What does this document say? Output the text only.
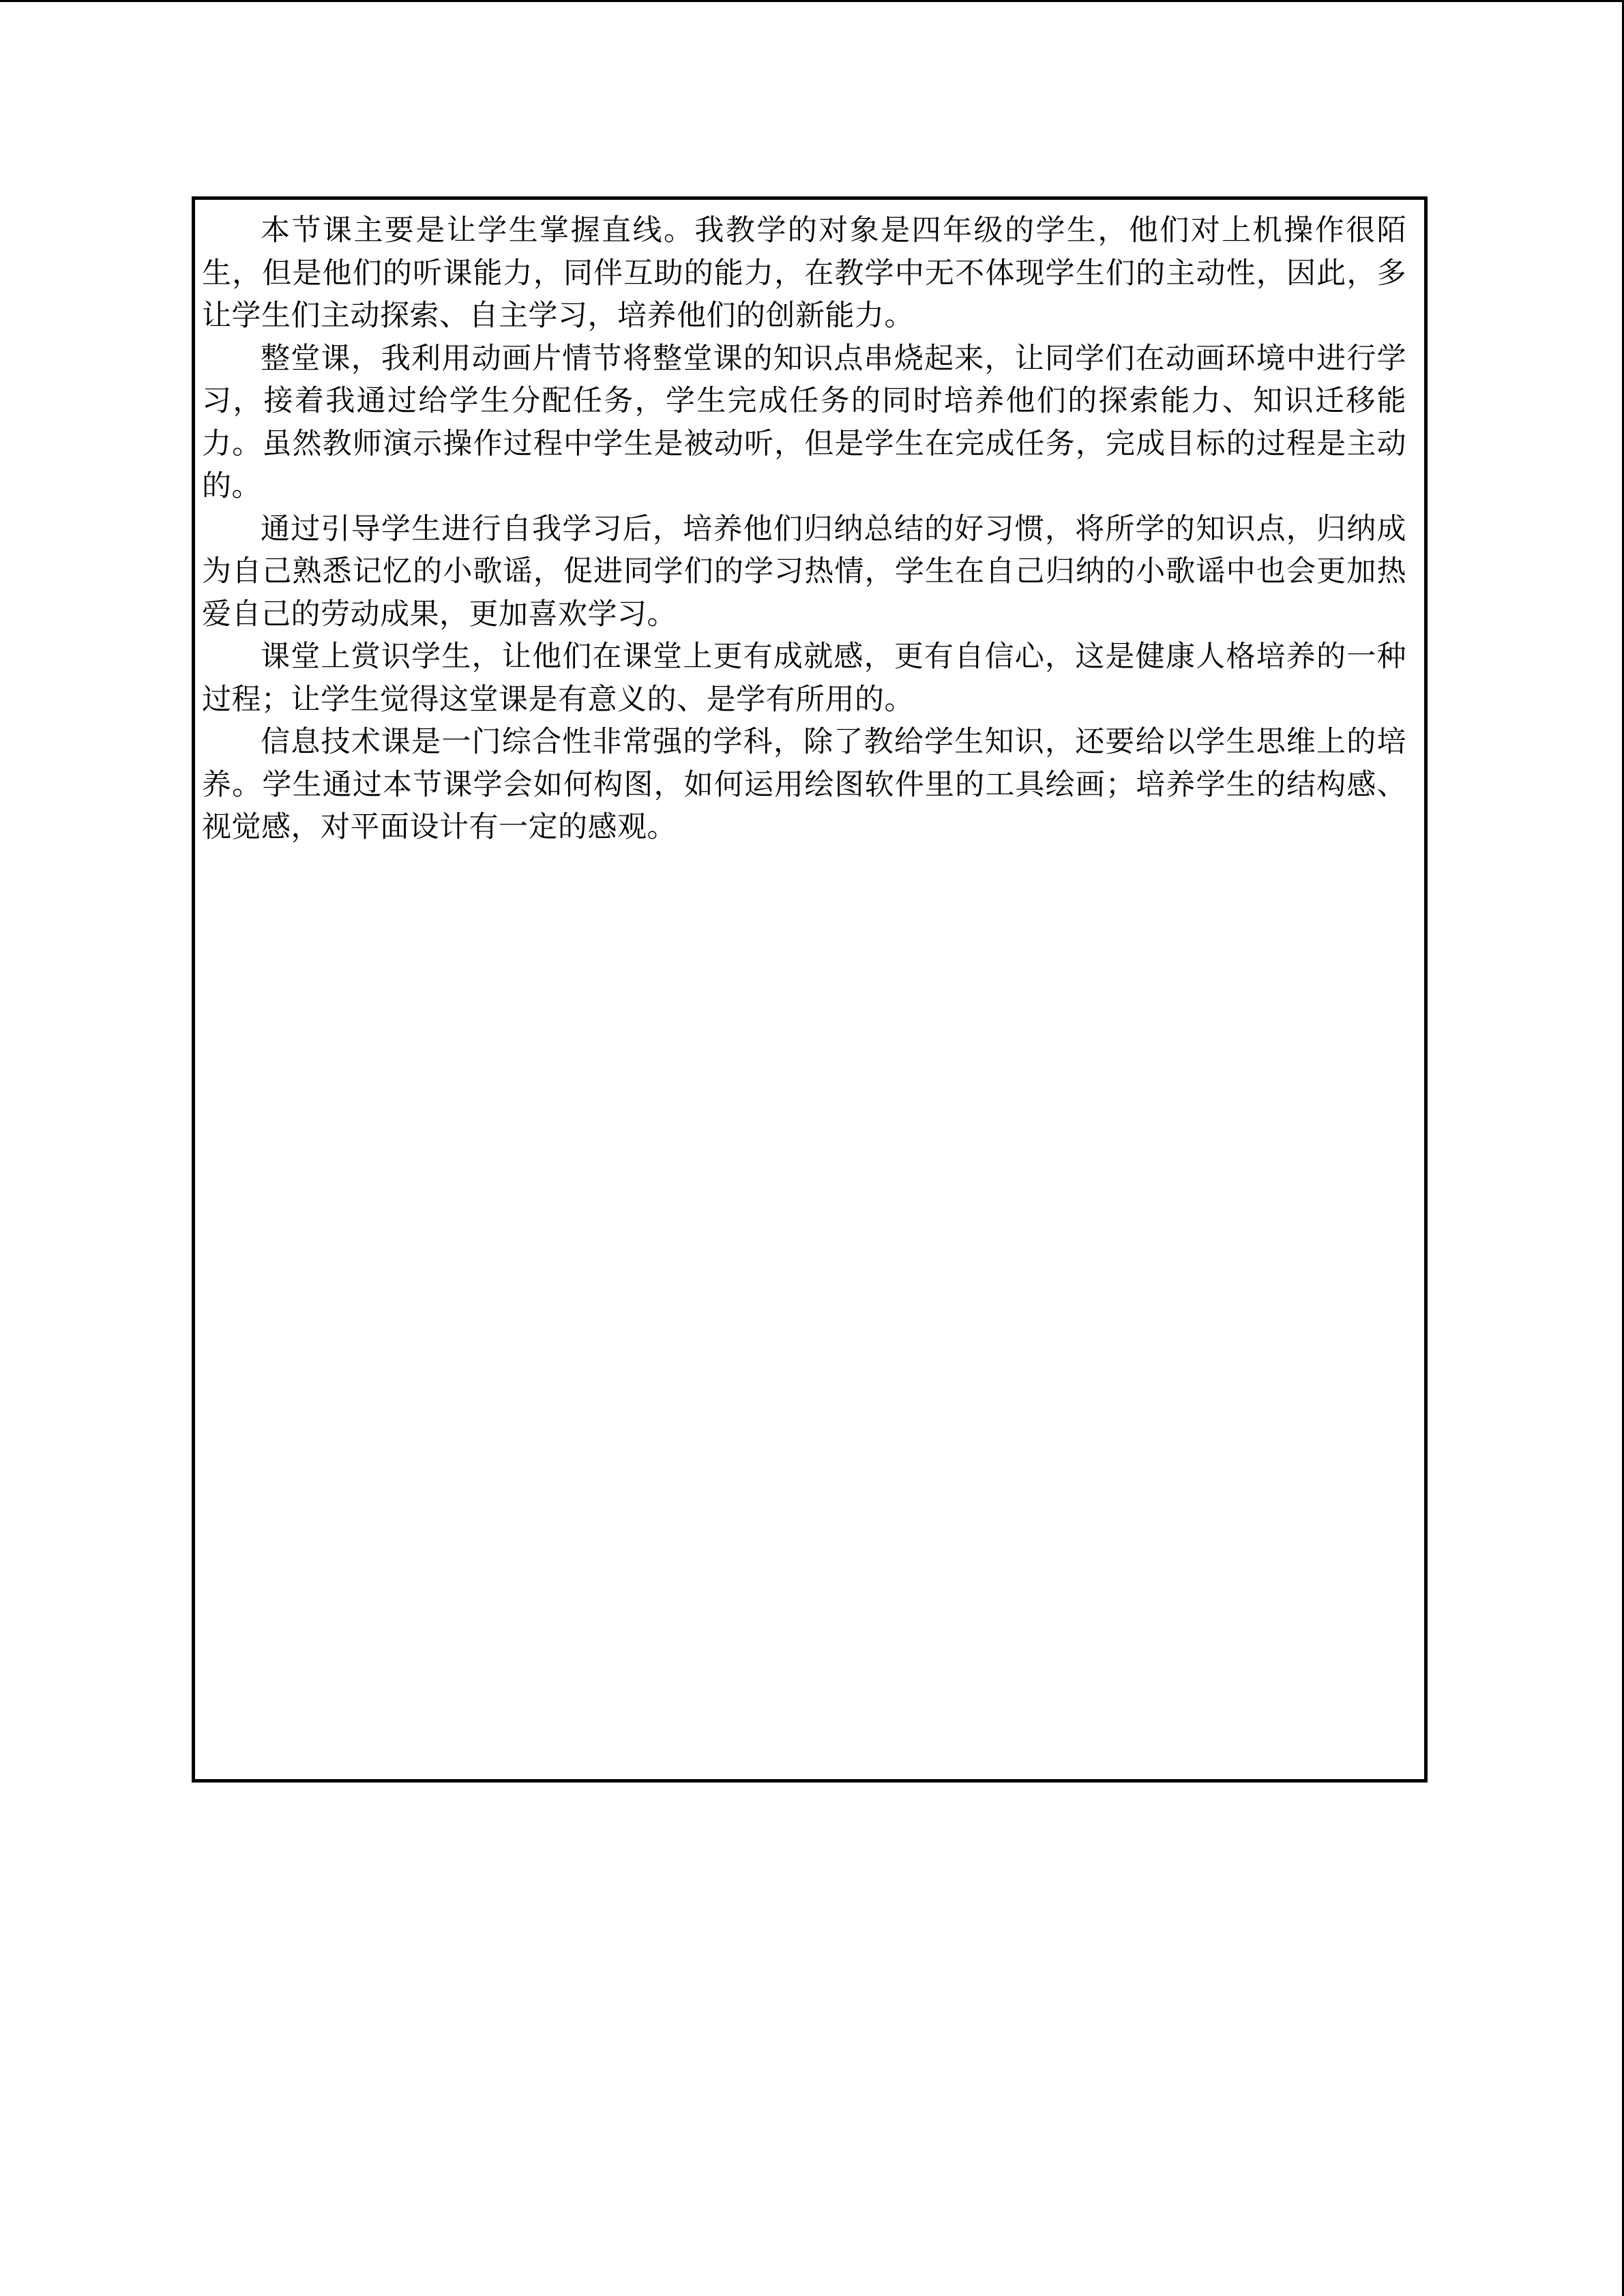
本节课主要是让学生掌握直线。我教学的对象是四年级的学生，他们对上机操作很陌生，但是他们的听课能力，同伴互助的能力，在教学中无不体现学生们的主动性，因此，多让学生们主动探索、自主学习，培养他们的创新能力。

整堂课，我利用动画片情节将整堂课的知识点串烧起来，让同学们在动画环境中进行学习，接着我通过给学生分配任务，学生完成任务的同时培养他们的探索能力、知识迁移能力。虽然教师演示操作过程中学生是被动听，但是学生在完成任务，完成目标的过程是主动的。

通过引导学生进行自我学习后，培养他们归纳总结的好习惯，将所学的知识点，归纳成为自己熟悉记忆的小歌谣，促进同学们的学习热情，学生在自己归纳的小歌谣中也会更加热爱自己的劳动成果，更加喜欢学习。

课堂上赏识学生，让他们在课堂上更有成就感，更有自信心，这是健康人格培养的一种过程；让学生觉得这堂课是有意义的、是学有所用的。

信息技术课是一门综合性非常强的学科，除了教给学生知识，还要给以学生思维上的培养。学生通过本节课学会如何构图，如何运用绘图软件里的工具绘画；培养学生的结构感、视觉感，对平面设计有一定的感观。
